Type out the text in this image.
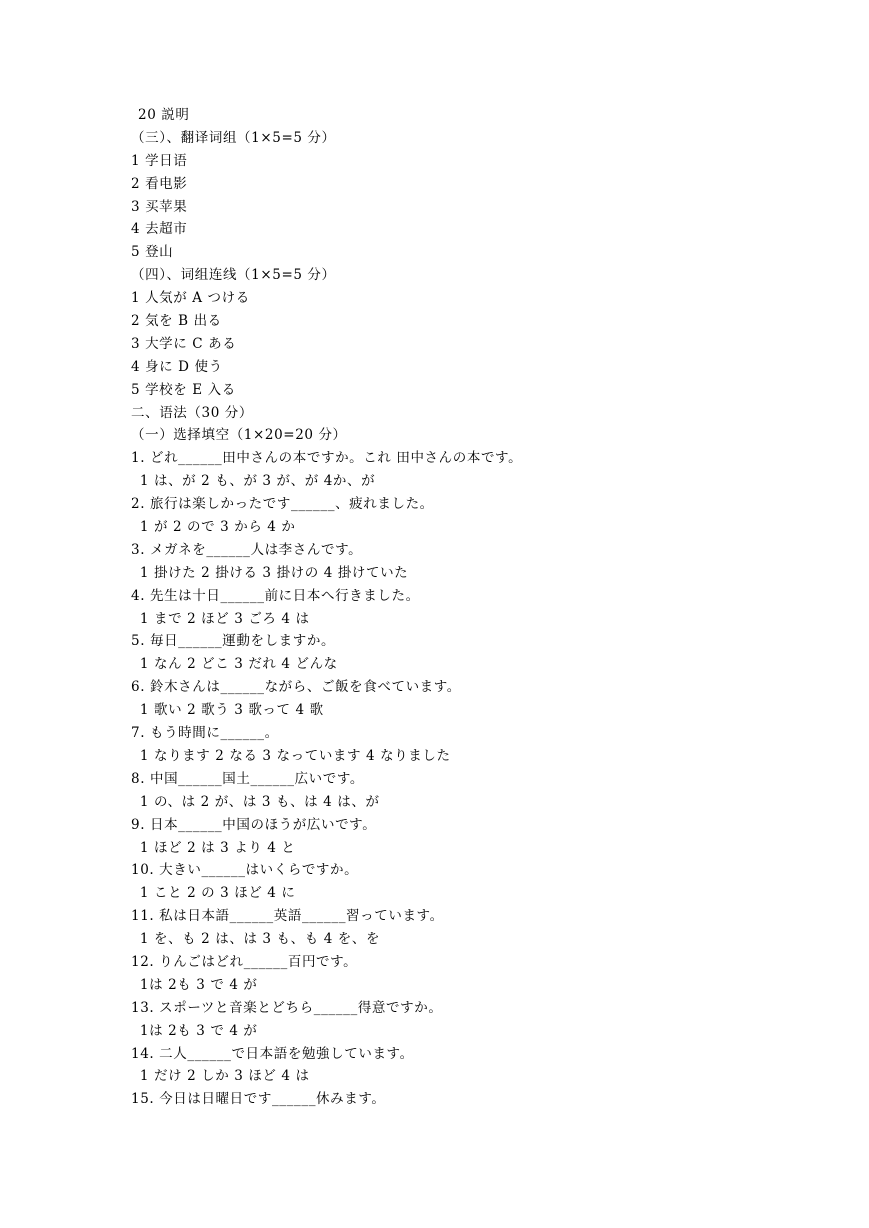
20 説明
（三）、翻译词组（1×5=5 分）
1 学日语
2 看电影
3 买苹果
4 去超市
5 登山
（四）、词组连线（1×5=5 分）
1 人気が A つける
2 気を B 出る
3 大学に C ある
4 身に D 使う
5 学校を E 入る
二、语法（30 分）
（一）选择填空（1×20=20 分）
1. どれ______田中さんの本ですか。これ 田中さんの本です。
1 は、が 2 も、が 3 が、が 4か、が
2. 旅行は楽しかったです______、疲れました。
1 が 2 ので 3 から 4 か
3. メガネを______人は李さんです。
1 掛けた 2 掛ける 3 掛けの 4 掛けていた
4. 先生は十日______前に日本へ行きました。
1 まで 2 ほど 3 ごろ 4 は
5. 毎日______運動をしますか。
1 なん 2 どこ 3 だれ 4 どんな
6. 鈴木さんは______ながら、ご飯を食べています。
1 歌い 2 歌う 3 歌って 4 歌
7. もう時間に______。
1 なります 2 なる 3 なっています 4 なりました
8. 中国______国土______広いです。
1 の、は 2 が、は 3 も、は 4 は、が
9. 日本______中国のほうが広いです。
1 ほど 2 は 3 より 4 と
10. 大きい______はいくらですか。
1 こと 2 の 3 ほど 4 に
11. 私は日本語______英語______習っています。
1 を、も 2 は、は 3 も、も 4 を、を
12. りんごはどれ______百円です。
1は 2も 3 で 4 が
13. スポーツと音楽とどちら______得意ですか。
1は 2も 3 で 4 が
14. 二人______で日本語を勉強しています。
1 だけ 2 しか 3 ほど 4 は
15. 今日は日曜日です______休みます。
